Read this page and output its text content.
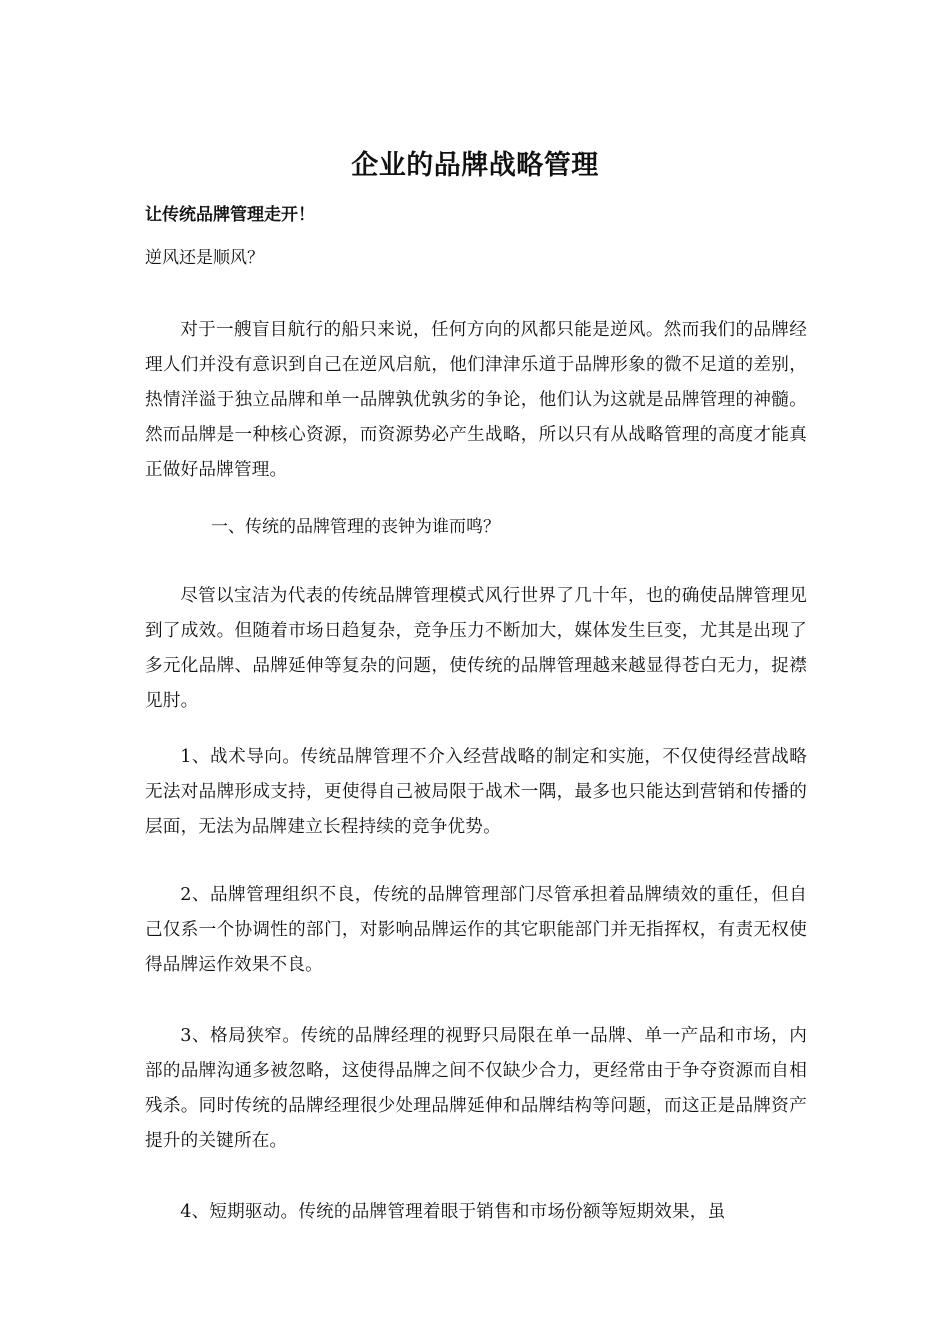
企业的品牌战略管理
让传统品牌管理走开！
逆风还是顺风？

对于一艘盲目航行的船只来说，任何方向的风都只能是逆风。然而我们的品牌经理人们并没有意识到自己在逆风启航，他们津津乐道于品牌形象的微不足道的差别，热情洋溢于独立品牌和单一品牌孰优孰劣的争论，他们认为这就是品牌管理的神髓。然而品牌是一种核心资源，而资源势必产生战略，所以只有从战略管理的高度才能真正做好品牌管理。

一、传统的品牌管理的丧钟为谁而鸣？

尽管以宝洁为代表的传统品牌管理模式风行世界了几十年，也的确使品牌管理见到了成效。但随着市场日趋复杂，竞争压力不断加大，媒体发生巨变，尤其是出现了多元化品牌、品牌延伸等复杂的问题，使传统的品牌管理越来越显得苍白无力，捉襟见肘。

1、战术导向。传统品牌管理不介入经营战略的制定和实施，不仅使得经营战略无法对品牌形成支持，更使得自己被局限于战术一隅，最多也只能达到营销和传播的层面，无法为品牌建立长程持续的竞争优势。

2、品牌管理组织不良，传统的品牌管理部门尽管承担着品牌绩效的重任，但自己仅系一个协调性的部门，对影响品牌运作的其它职能部门并无指挥权，有责无权使得品牌运作效果不良。

3、格局狭窄。传统的品牌经理的视野只局限在单一品牌、单一产品和市场，内部的品牌沟通多被忽略，这使得品牌之间不仅缺少合力，更经常由于争夺资源而自相残杀。同时传统的品牌经理很少处理品牌延伸和品牌结构等问题，而这正是品牌资产提升的关键所在。

4、短期驱动。传统的品牌管理着眼于销售和市场份额等短期效果，虽
